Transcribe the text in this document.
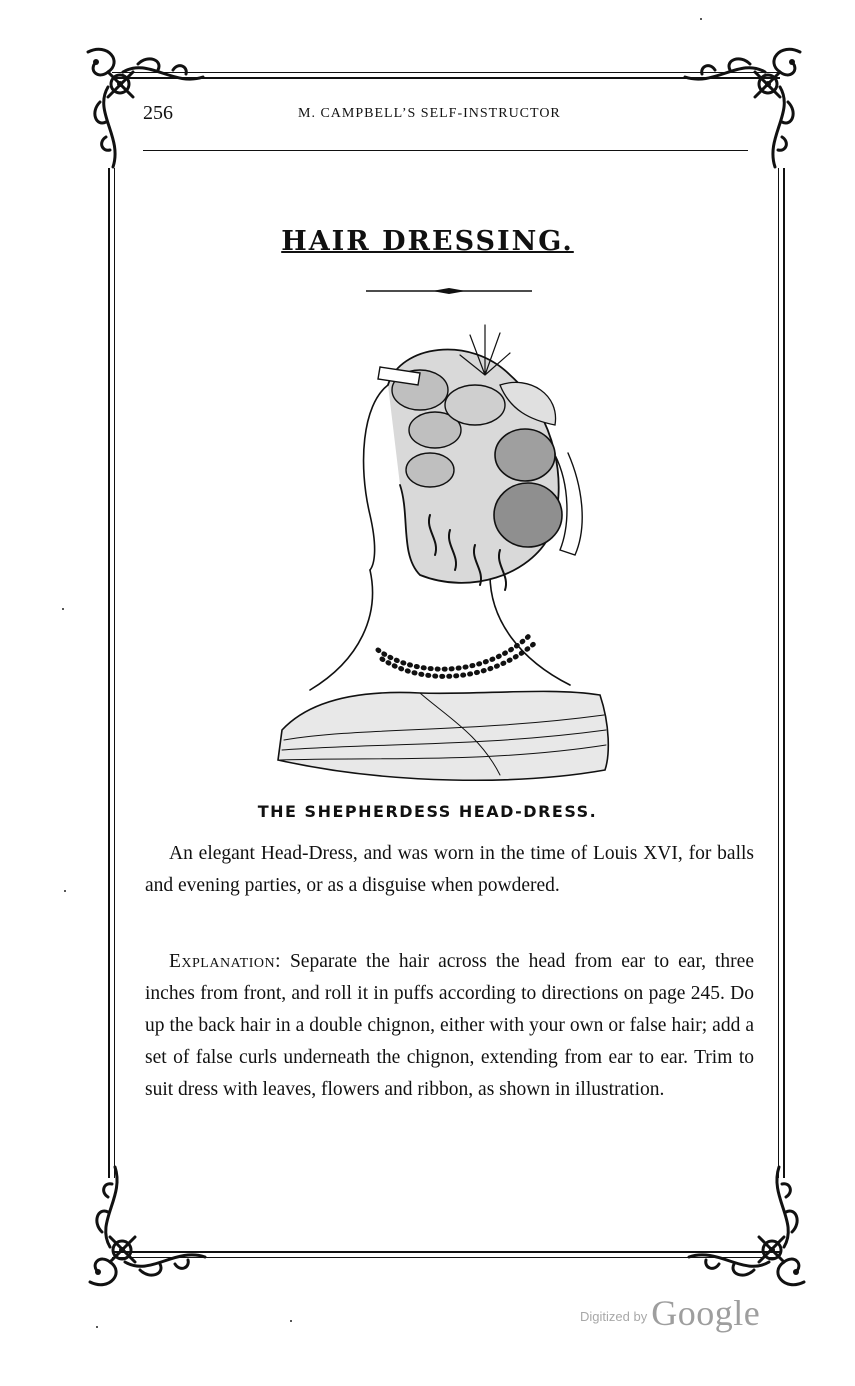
256	M. CAMPBELL’S SELF-INSTRUCTOR
HAIR DRESSING.
THE SHEPHERDESS HEAD-DRESS.

An elegant Head-Dress, and was worn in the time of Louis XVI, for balls and evening parties, or as a disguise when powdered.

Explanation: Separate the hair across the head from ear to ear, three inches from front, and roll it in puffs according to directions on page 245. Do up the back hair in a double chignon, either with your own or false hair; add a set of false curls underneath the chignon, extending from ear to ear. Trim to suit dress with leaves, flowers and ribbon, as shown in illustration.

$^{Digitized by}$ Google
